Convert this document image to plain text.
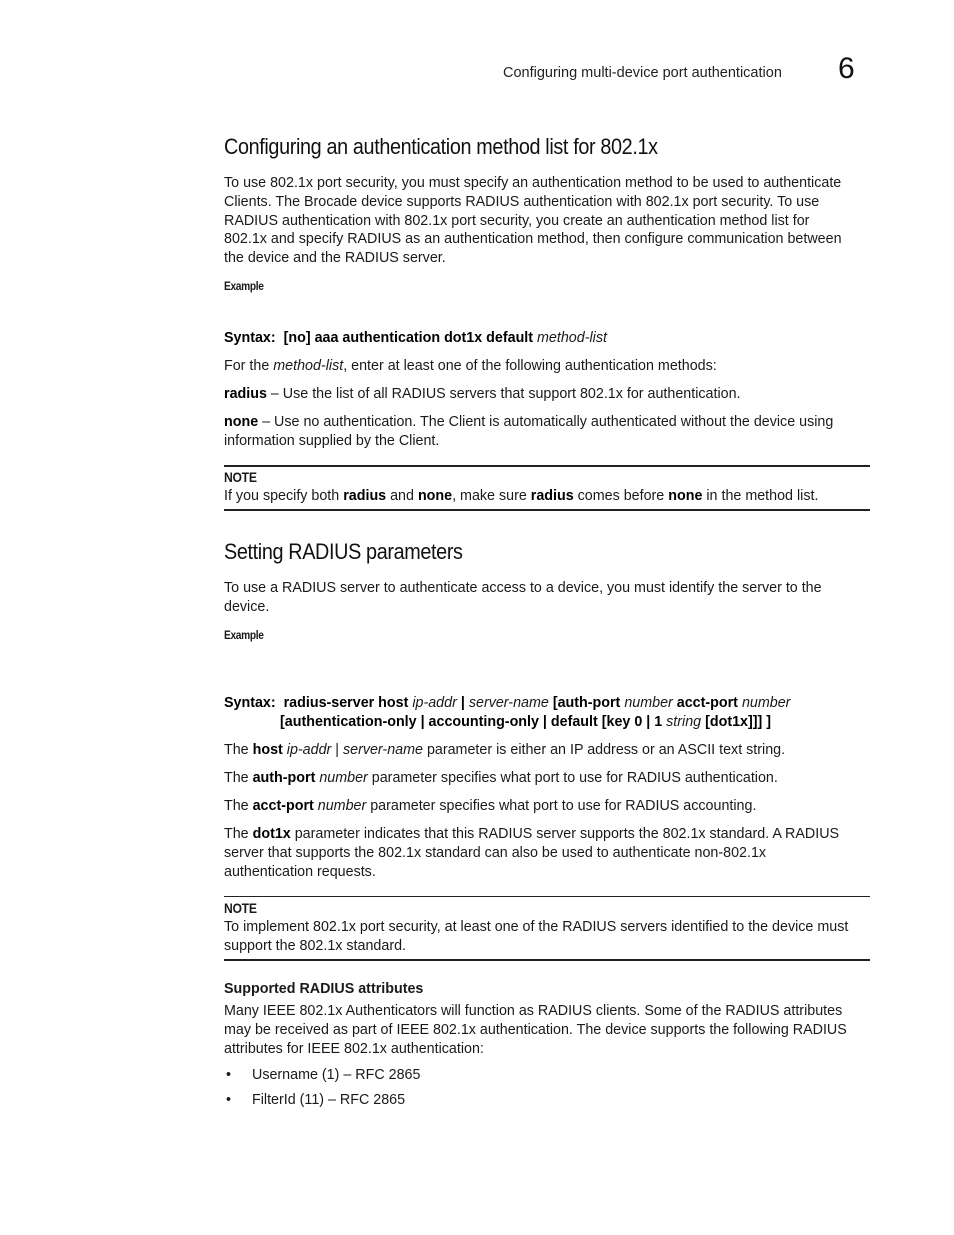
Configuring multi-device port authentication 6
Configuring an authentication method list for 802.1x
To use 802.1x port security, you must specify an authentication method to be used to authenticate
Clients. The Brocade device supports RADIUS authentication with 802.1x port security. To use
RADIUS authentication with 802.1x port security, you create an authentication method list for
802.1x and specify RADIUS as an authentication method, then configure communication between
the device and the RADIUS server.
Example
Syntax: [no] aaa authentication dot1x default method-list
For the method-list, enter at least one of the following authentication methods:
radius – Use the list of all RADIUS servers that support 802.1x for authentication.
none – Use no authentication. The Client is automatically authenticated without the device using
information supplied by the Client.
NOTE
If you specify both radius and none, make sure radius comes before none in the method list.
Setting RADIUS parameters
To use a RADIUS server to authenticate access to a device, you must identify the server to the
device.
Example
Syntax: radius-server host ip-addr | server-name [auth-port number acct-port number
[authentication-only | accounting-only | default [key 0 | 1 string [dot1x]]] ]
The host ip-addr | server-name parameter is either an IP address or an ASCII text string.
The auth-port number parameter specifies what port to use for RADIUS authentication.
The acct-port number parameter specifies what port to use for RADIUS accounting.
The dot1x parameter indicates that this RADIUS server supports the 802.1x standard. A RADIUS
server that supports the 802.1x standard can also be used to authenticate non-802.1x
authentication requests.
NOTE
To implement 802.1x port security, at least one of the RADIUS servers identified to the device must
support the 802.1x standard.
Supported RADIUS attributes
Many IEEE 802.1x Authenticators will function as RADIUS clients. Some of the RADIUS attributes
may be received as part of IEEE 802.1x authentication. The device supports the following RADIUS
attributes for IEEE 802.1x authentication:
• Username (1) – RFC 2865
• FilterId (11) – RFC 2865
